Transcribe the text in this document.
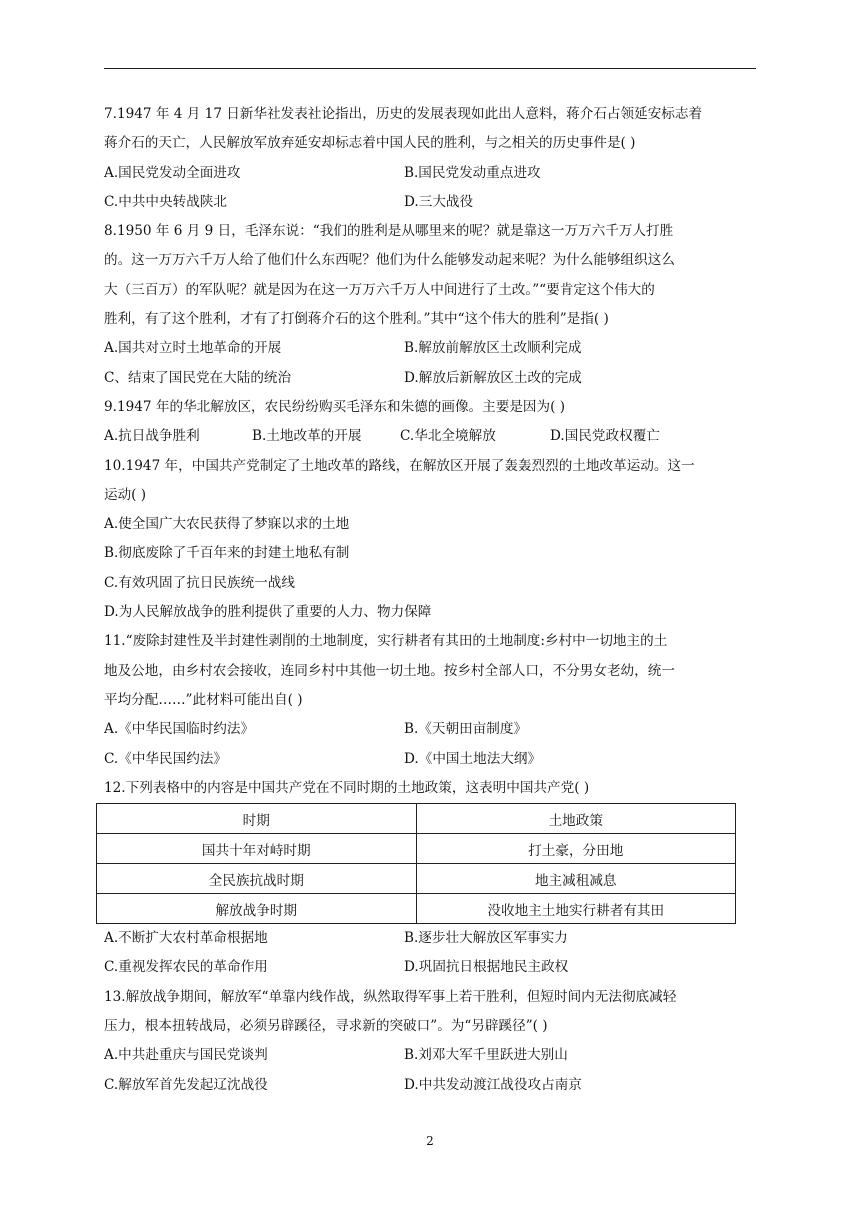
7.1947 年 4 月 17 日新华社发表社论指出，历史的发展表现如此出人意料，蒋介石占领延安标志着
蒋介石的天亡，人民解放军放弃延安却标志着中国人民的胜利，与之相关的历史事件是( )
A.国民党发动全面进攻	B.国民党发动重点进攻
C.中共中央转战陕北	D.三大战役
8.1950 年 6 月 9 日，毛泽东说：“我们的胜利是从哪里来的呢？就是靠这一万万六千万人打胜
的。这一万万六千万人给了他们什么东西呢？他们为什么能够发动起来呢？为什么能够组织这么
大（三百万）的军队呢？就是因为在这一万万六千万人中间进行了土改。”“要肯定这个伟大的
胜利，有了这个胜利，才有了打倒蒋介石的这个胜利。”其中“这个伟大的胜利”是指( )
A.国共对立时土地革命的开展	B.解放前解放区土改顺利完成
C、结束了国民党在大陆的统治	D.解放后新解放区土改的完成
9.1947 年的华北解放区，农民纷纷购买毛泽东和朱德的画像。主要是因为( )
A.抗日战争胜利	B.土地改革的开展	C.华北全境解放	D.国民党政权覆亡
10.1947 年，中国共产党制定了土地改革的路线，在解放区开展了轰轰烈烈的土地改革运动。这一
运动( )
A.使全国广大农民获得了梦寐以求的土地
B.彻底废除了千百年来的封建土地私有制
C.有效巩固了抗日民族统一战线
D.为人民解放战争的胜利提供了重要的人力、物力保障
11.“废除封建性及半封建性剥削的土地制度，实行耕者有其田的土地制度:乡村中一切地主的土
地及公地，由乡村农会接收，连同乡村中其他一切土地。按乡村全部人口，不分男女老幼，统一
平均分配……”此材料可能出自( )
A.《中华民国临时约法》	B.《天朝田亩制度》
C.《中华民国约法》	D.《中国土地法大纲》
12.下列表格中的内容是中国共产党在不同时期的土地政策，这表明中国共产党( )
时期	土地政策
国共十年对峙时期	打土豪，分田地
全民族抗战时期	地主减租减息
解放战争时期	没收地主土地实行耕者有其田
A.不断扩大农村革命根据地	B.逐步壮大解放区军事实力
C.重视发挥农民的革命作用	D.巩固抗日根据地民主政权
13.解放战争期间，解放军“单靠内线作战，纵然取得军事上若干胜利，但短时间内无法彻底减轻
压力，根本扭转战局，必须另辟蹊径，寻求新的突破口”。为“另辟蹊径”( )
A.中共赴重庆与国民党谈判	B.刘邓大军千里跃进大别山
C.解放军首先发起辽沈战役	D.中共发动渡江战役攻占南京
2
